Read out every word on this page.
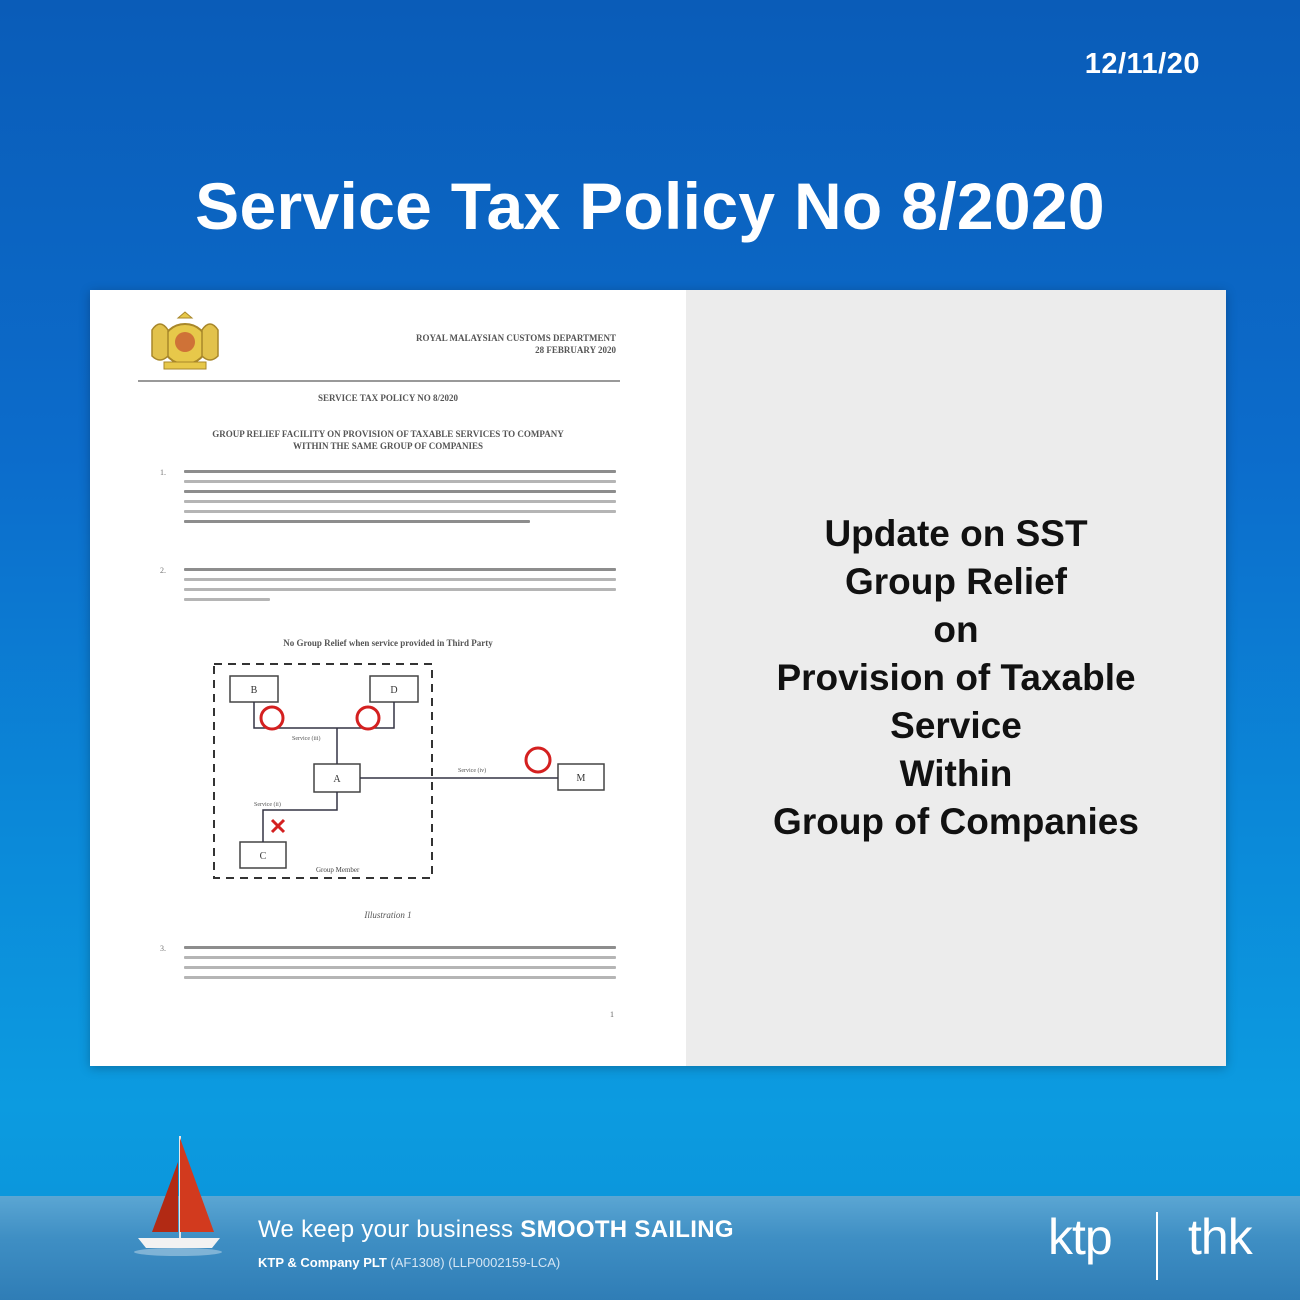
12/11/20
Service Tax Policy No 8/2020
ROYAL MALAYSIAN CUSTOMS DEPARTMENT
28 FEBRUARY 2020
SERVICE TAX POLICY NO 8/2020
GROUP RELIEF FACILITY ON PROVISION OF TAXABLE SERVICES TO COMPANY
WITHIN THE SAME GROUP OF COMPANIES
1.
2.
No Group Relief when service provided in Third Party
B	D
A
C
M
Service (iii)
Service (iv)
Service (ii)
Group Member
Illustration 1
3.
1
Update on SST
Group Relief
on
Provision of Taxable
Service
Within
Group of Companies
We keep your business SMOOTH SAILING
KTP & Company PLT (AF1308) (LLP0002159-LCA)	ktp thk
